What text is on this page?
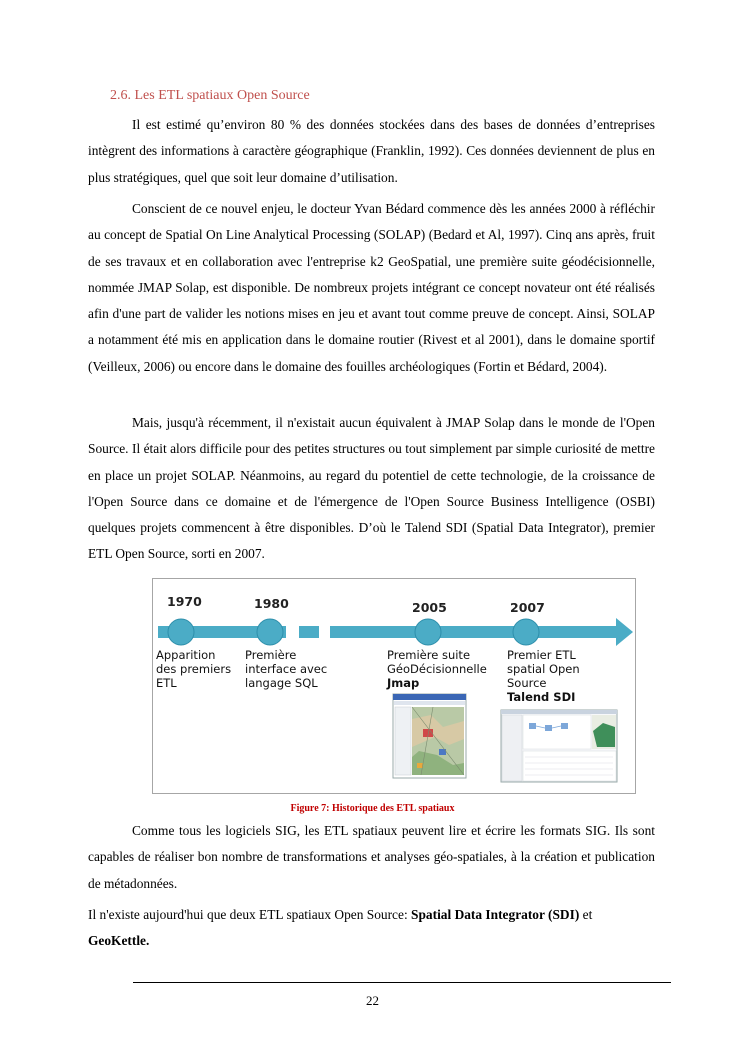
2.6. Les ETL spatiaux Open Source

Il est estimé qu’environ 80 % des données stockées dans des bases de données d’entreprises intègrent des informations à caractère géographique (Franklin, 1992). Ces données deviennent de plus en plus stratégiques, quel que soit leur domaine d’utilisation.

Conscient de ce nouvel enjeu, le docteur Yvan Bédard commence dès les années 2000 à réfléchir au concept de Spatial On Line Analytical Processing (SOLAP) (Bedard et Al, 1997). Cinq ans après, fruit de ses travaux et en collaboration avec l'entreprise k2 GeoSpatial, une première suite géodécisionnelle, nommée JMAP Solap, est disponible. De nombreux projets intégrant ce concept novateur ont été réalisés afin d'une part de valider les notions mises en jeu et avant tout comme preuve de concept. Ainsi, SOLAP a notamment été mis en application dans le domaine routier (Rivest et al 2001), dans le domaine sportif (Veilleux, 2006) ou encore dans le domaine des fouilles archéologiques (Fortin et Bédard, 2004).

Mais, jusqu'à récemment, il n'existait aucun équivalent à JMAP Solap dans le monde de l'Open Source. Il était alors difficile pour des petites structures ou tout simplement par simple curiosité de mettre en place un projet SOLAP. Néanmoins, au regard du potentiel de cette technologie, de la croissance de l'Open Source dans ce domaine et de l'émergence de l'Open Source Business Intelligence (OSBI) quelques projets commencent à être disponibles. D’où le Talend SDI (Spatial Data Integrator), premier ETL Open Source, sorti en 2007.

1970	1980	2005	2007
Apparition
des premiers
ETL
Première
interface avec
langage SQL
Première suite
GéoDécisionnelle
Jmap
Premier ETL
spatial Open
Source
Talend SDI
Figure 7: Historique des ETL spatiaux

Comme tous les logiciels SIG, les ETL spatiaux peuvent lire et écrire les formats SIG. Ils sont capables de réaliser bon nombre de transformations et analyses géo-spatiales, à la création et publication de métadonnées.

Il n'existe aujourd'hui que deux ETL spatiaux Open Source: Spatial Data Integrator (SDI) et
GeoKettle.

22
